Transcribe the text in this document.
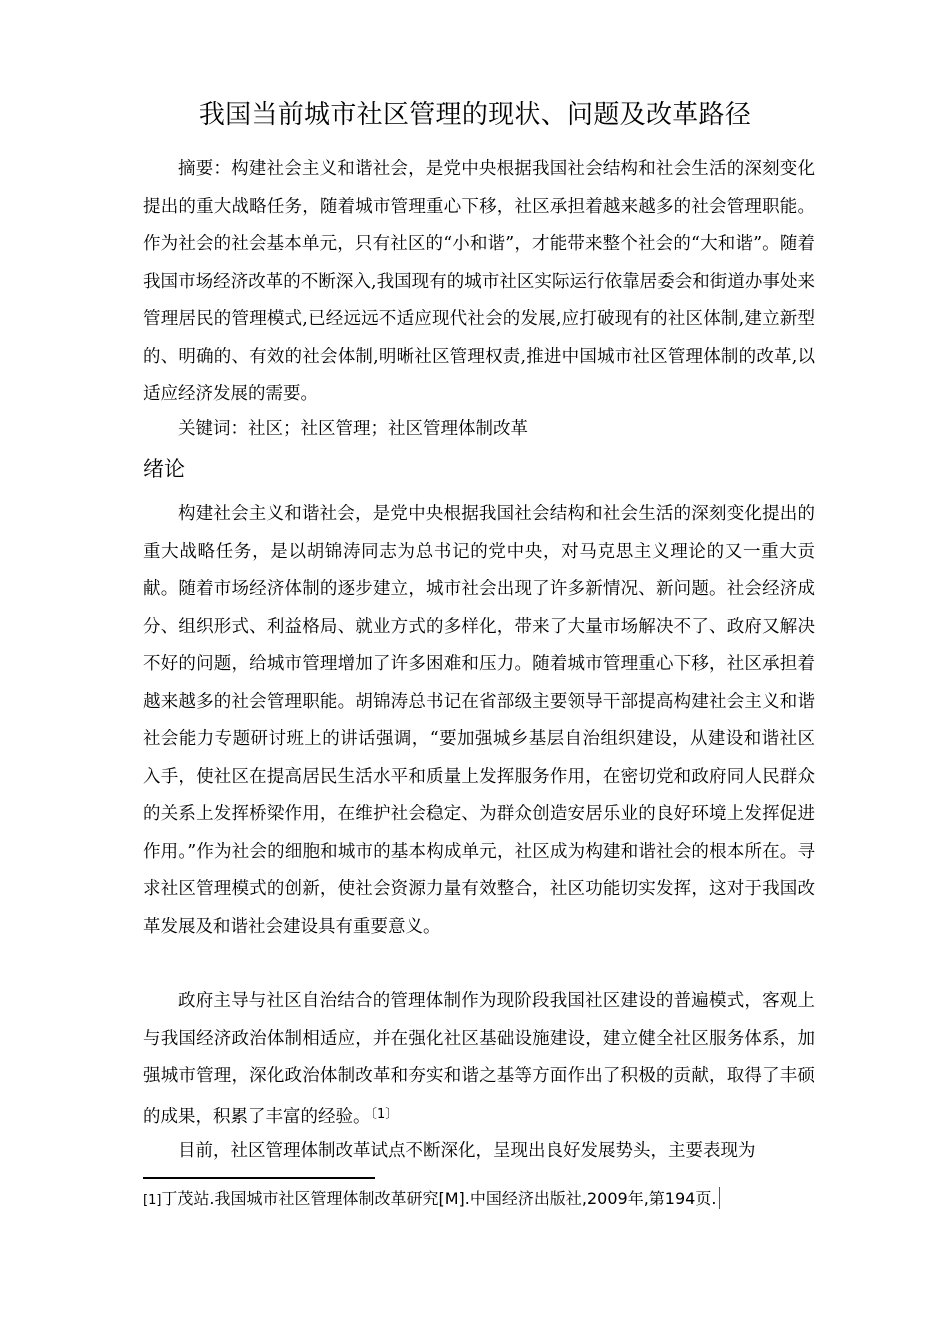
我国当前城市社区管理的现状、问题及改革路径

摘要：构建社会主义和谐社会，是党中央根据我国社会结构和社会生活的深刻变化提出的重大战略任务，随着城市管理重心下移，社区承担着越来越多的社会管理职能。作为社会的社会基本单元，只有社区的“小和谐”，才能带来整个社会的“大和谐”。随着我国市场经济改革的不断深入,我国现有的城市社区实际运行依靠居委会和街道办事处来管理居民的管理模式,已经远远不适应现代社会的发展,应打破现有的社区体制,建立新型的、明确的、有效的社会体制,明晰社区管理权责,推进中国城市社区管理体制的改革,以适应经济发展的需要。

关键词：社区；社区管理；社区管理体制改革

绪论

构建社会主义和谐社会，是党中央根据我国社会结构和社会生活的深刻变化提出的重大战略任务，是以胡锦涛同志为总书记的党中央，对马克思主义理论的又一重大贡献。随着市场经济体制的逐步建立，城市社会出现了许多新情况、新问题。社会经济成分、组织形式、利益格局、就业方式的多样化，带来了大量市场解决不了、政府又解决不好的问题，给城市管理增加了许多困难和压力。随着城市管理重心下移，社区承担着越来越多的社会管理职能。胡锦涛总书记在省部级主要领导干部提高构建社会主义和谐社会能力专题研讨班上的讲话强调，“要加强城乡基层自治组织建设，从建设和谐社区入手，使社区在提高居民生活水平和质量上发挥服务作用，在密切党和政府同人民群众的关系上发挥桥梁作用，在维护社会稳定、为群众创造安居乐业的良好环境上发挥促进作用。”作为社会的细胞和城市的基本构成单元，社区成为构建和谐社会的根本所在。寻求社区管理模式的创新，使社会资源力量有效整合，社区功能切实发挥，这对于我国改革发展及和谐社会建设具有重要意义。

政府主导与社区自治结合的管理体制作为现阶段我国社区建设的普遍模式，客观上与我国经济政治体制相适应，并在强化社区基础设施建设，建立健全社区服务体系，加强城市管理，深化政治体制改革和夯实和谐之基等方面作出了积极的贡献，取得了丰硕的成果，积累了丰富的经验。$^{〔1〕}$

目前，社区管理体制改革试点不断深化，呈现出良好发展势头，主要表现为

[1]丁茂站.我国城市社区管理体制改革研究[M].中国经济出版社,2009年,第194页.
